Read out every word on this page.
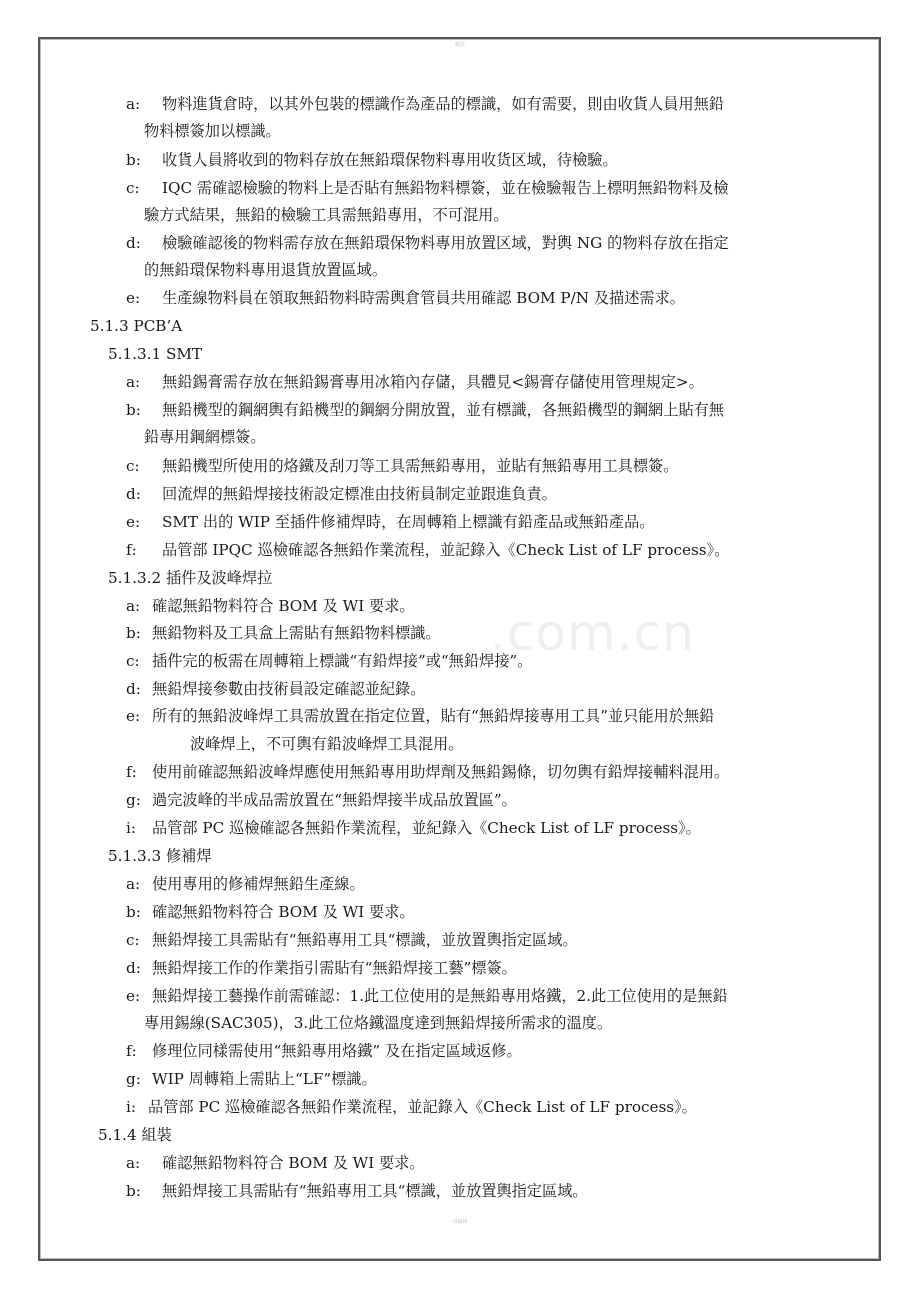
精品
.com.cn
a: 物料進貨倉時，以其外包裝的標識作為產品的標識，如有需要，則由收貨人員用無鉛
物料標簽加以標識。
b: 收貨人員將收到的物料存放在無鉛環保物料專用收货区域，待檢驗。
c: IQC 需確認檢驗的物料上是否貼有無鉛物料標簽，並在檢驗報告上標明無鉛物料及檢
驗方式結果，無鉛的檢驗工具需無鉛專用，不可混用。
d: 檢驗確認後的物料需存放在無鉛環保物料專用放置区域，對輿 NG 的物料存放在指定
的無鉛環保物料專用退貨放置區域。
e: 生產線物料員在領取無鉛物料時需輿倉管員共用確認 BOM P/N 及描述需求。
5.1.3 PCB’A
5.1.3.1 SMT
a: 無鉛錫膏需存放在無鉛錫膏專用冰箱內存儲，具體見<錫膏存儲使用管理規定>。
b: 無鉛機型的鋼網輿有鉛機型的鋼網分開放置，並有標識，各無鉛機型的鋼網上貼有無
鉛專用鋼網標簽。
c: 無鉛機型所使用的烙鐵及刮刀等工具需無鉛專用，並貼有無鉛專用工具標簽。
d: 回流焊的無鉛焊接技術設定標准由技術員制定並跟進負責。
e: SMT 出的 WIP 至插件修補焊時，在周轉箱上標識有鉛產品或無鉛產品。
f: 品管部 IPQC 巡檢確認各無鉛作業流程，並記錄入《Check List of LF process》。
5.1.3.2 插件及波峰焊拉
a: 確認無鉛物料符合 BOM 及 WI 要求。
b: 無鉛物料及工具盒上需貼有無鉛物料標識。
c: 插件完的板需在周轉箱上標識“有鉛焊接”或“無鉛焊接”。
d: 無鉛焊接參數由技術員設定確認並紀錄。
e: 所有的無鉛波峰焊工具需放置在指定位置，貼有“無鉛焊接專用工具”並只能用於無鉛
波峰焊上，不可輿有鉛波峰焊工具混用。
f: 使用前確認無鉛波峰焊應使用無鉛專用助焊劑及無鉛錫條，切勿輿有鉛焊接輔料混用。
g: 過完波峰的半成品需放置在“無鉛焊接半成品放置區”。
i: 品管部 PC 巡檢確認各無鉛作業流程，並紀錄入《Check List of LF process》。
5.1.3.3 修補焊
a: 使用專用的修補焊無鉛生產線。
b: 確認無鉛物料符合 BOM 及 WI 要求。
c: 無鉛焊接工具需貼有“無鉛專用工具“標識，並放置輿指定區域。
d: 無鉛焊接工作的作業指引需貼有“無鉛焊接工藝”標簽。
e: 無鉛焊接工藝操作前需確認：1.此工位使用的是無鉛專用烙鐵，2.此工位使用的是無鉛
專用錫線(SAC305)，3.此工位烙鐵溫度達到無鉛焊接所需求的溫度。
f: 修理位同樣需使用“無鉛專用烙鐵” 及在指定區域返修。
g: WIP 周轉箱上需貼上“LF”標識。
i: 品管部 PC 巡檢確認各無鉛作業流程，並記錄入《Check List of LF process》。
5.1.4 組裝
a: 確認無鉛物料符合 BOM 及 WI 要求。
b: 無鉛焊接工具需貼有“無鉛專用工具“標識，並放置輿指定區域。
可编辑
